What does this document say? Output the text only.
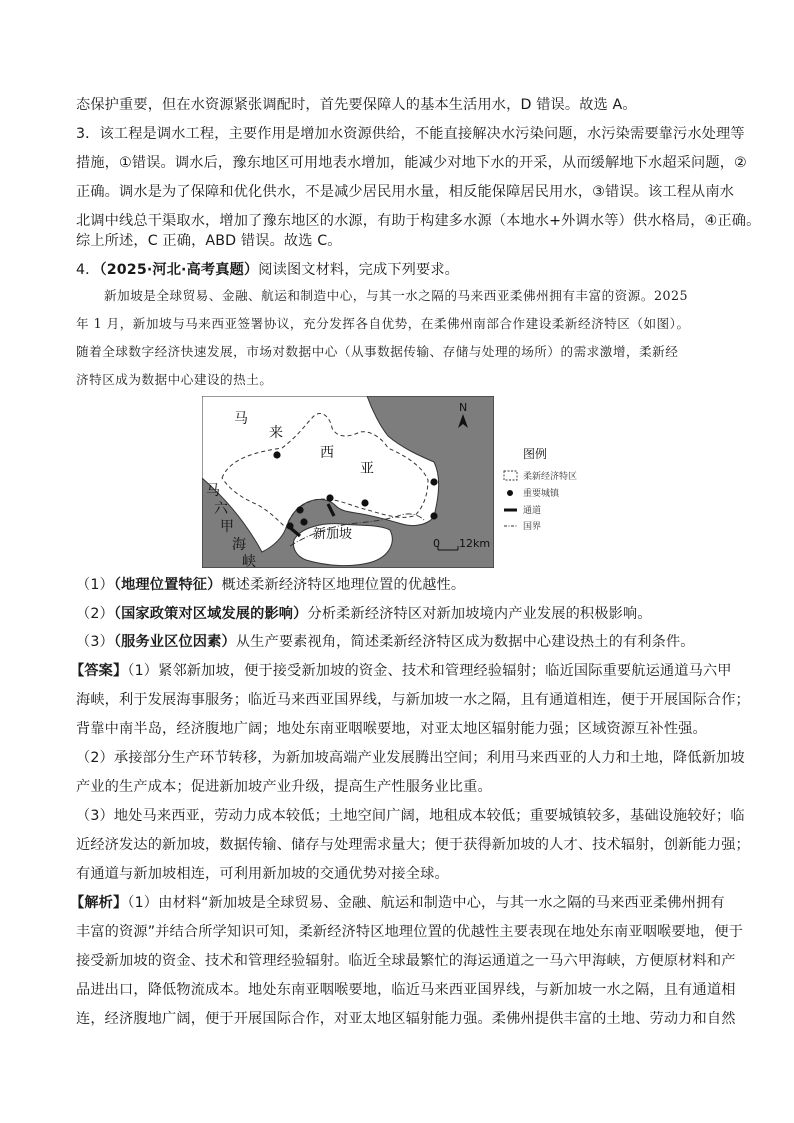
态保护重要，但在水资源紧张调配时，首先要保障人的基本生活用水，D 错误。故选 A。
3．该工程是调水工程，主要作用是增加水资源供给，不能直接解决水污染问题，水污染需要靠污水处理等
措施，①错误。调水后，豫东地区可用地表水增加，能减少对地下水的开采，从而缓解地下水超采问题，②
正确。调水是为了保障和优化供水，不是减少居民用水量，相反能保障居民用水，③错误。该工程从南水
北调中线总干渠取水，增加了豫东地区的水源，有助于构建多水源（本地水+外调水等）供水格局，④正确。
综上所述，C 正确，ABD 错误。故选 C。
4．（2025·河北·高考真题）阅读图文材料，完成下列要求。
新加坡是全球贸易、金融、航运和制造中心，与其一水之隔的马来西亚柔佛州拥有丰富的资源。2025
年 1 月，新加坡与马来西亚签署协议，充分发挥各自优势，在柔佛州南部合作建设柔新经济特区（如图）。
随着全球数字经济快速发展，市场对数据中心（从事数据传输、存储与处理的场所）的需求激增，柔新经
济特区成为数据中心建设的热土。
马
来
西
亚
马
六
甲
海
峡
新加坡
N
0 12km
图例
柔新经济特区
重要城镇
通道
国界
（1）（地理位置特征）概述柔新经济特区地理位置的优越性。
（2）（国家政策对区域发展的影响）分析柔新经济特区对新加坡境内产业发展的积极影响。
（3）（服务业区位因素）从生产要素视角，简述柔新经济特区成为数据中心建设热土的有利条件。
【答案】（1）紧邻新加坡，便于接受新加坡的资金、技术和管理经验辐射；临近国际重要航运通道马六甲
海峡，利于发展海事服务；临近马来西亚国界线，与新加坡一水之隔，且有通道相连，便于开展国际合作；
背靠中南半岛，经济腹地广阔；地处东南亚咽喉要地，对亚太地区辐射能力强；区域资源互补性强。
（2）承接部分生产环节转移，为新加坡高端产业发展腾出空间；利用马来西亚的人力和土地，降低新加坡
产业的生产成本；促进新加坡产业升级，提高生产性服务业比重。
（3）地处马来西亚，劳动力成本较低；土地空间广阔，地租成本较低；重要城镇较多，基础设施较好；临
近经济发达的新加坡，数据传输、储存与处理需求量大；便于获得新加坡的人才、技术辐射，创新能力强；
有通道与新加坡相连，可利用新加坡的交通优势对接全球。
【解析】（1）由材料“新加坡是全球贸易、金融、航运和制造中心，与其一水之隔的马来西亚柔佛州拥有
丰富的资源”并结合所学知识可知，柔新经济特区地理位置的优越性主要表现在地处东南亚咽喉要地，便于
接受新加坡的资金、技术和管理经验辐射。临近全球最繁忙的海运通道之一马六甲海峡，方便原材料和产
品进出口，降低物流成本。地处东南亚咽喉要地，临近马来西亚国界线，与新加坡一水之隔，且有通道相
连，经济腹地广阔，便于开展国际合作，对亚太地区辐射能力强。柔佛州提供丰富的土地、劳动力和自然
